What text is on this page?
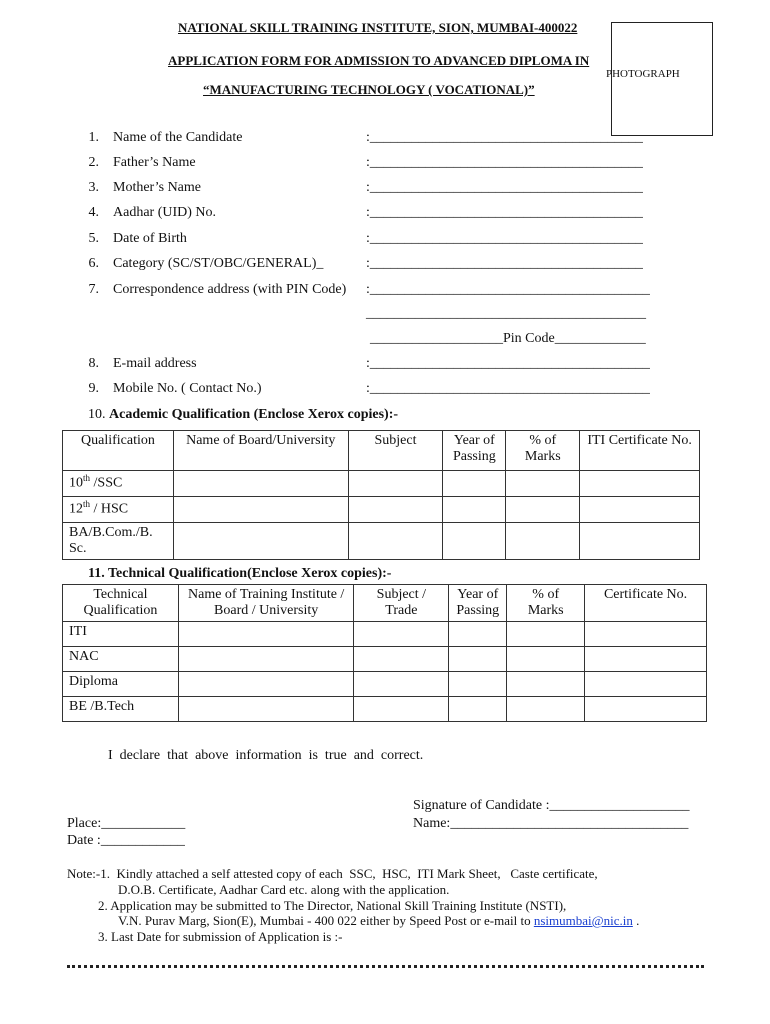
NATIONAL SKILL TRAINING INSTITUTE, SION, MUMBAI-400022
APPLICATION FORM FOR ADMISSION TO ADVANCED DIPLOMA IN
“MANUFACTURING TECHNOLOGY ( VOCATIONAL)”
PHOTOGRAPH
1. Name of the Candidate	:_______________________________________
2. Father’s Name	:_______________________________________
3. Mother’s Name	:_______________________________________
4. Aadhar (UID) No.	:_______________________________________
5. Date of Birth	:_______________________________________
6. Category (SC/ST/OBC/GENERAL)_	:_______________________________________
7. Correspondence address (with PIN Code) :________________________________________
________________________________________
___________________Pin Code_____________
8. E-mail address	:________________________________________
9. Mobile No. ( Contact No.)	:________________________________________
10. Academic Qualification (Enclose Xerox copies):-
Qualification	Name of Board/University	Subject	Year of Passing	% of Marks	ITI Certificate No.
10th /SSC					
12th / HSC					
BA/B.Com./B. Sc.					
11. Technical Qualification(Enclose Xerox copies):-
Technical Qualification	Name of Training Institute / Board / University	Subject / Trade	Year of Passing	% of Marks	Certificate No.
ITI					
NAC					
Diploma					
BE /B.Tech					
I  declare  that  above  information  is  true  and  correct.
Signature of Candidate :____________________
Name:__________________________________
Place:____________
Date :____________
Note:-1.  Kindly attached a self attested copy of each  SSC,  HSC,  ITI Mark Sheet,   Caste certificate,
D.O.B. Certificate, Aadhar Card etc. along with the application.
2. Application may be submitted to The Director, National Skill Training Institute (NSTI),
V.N. Purav Marg, Sion(E), Mumbai - 400 022 either by Speed Post or e-mail to nsimumbai@nic.in .
3. Last Date for submission of Application is :-
